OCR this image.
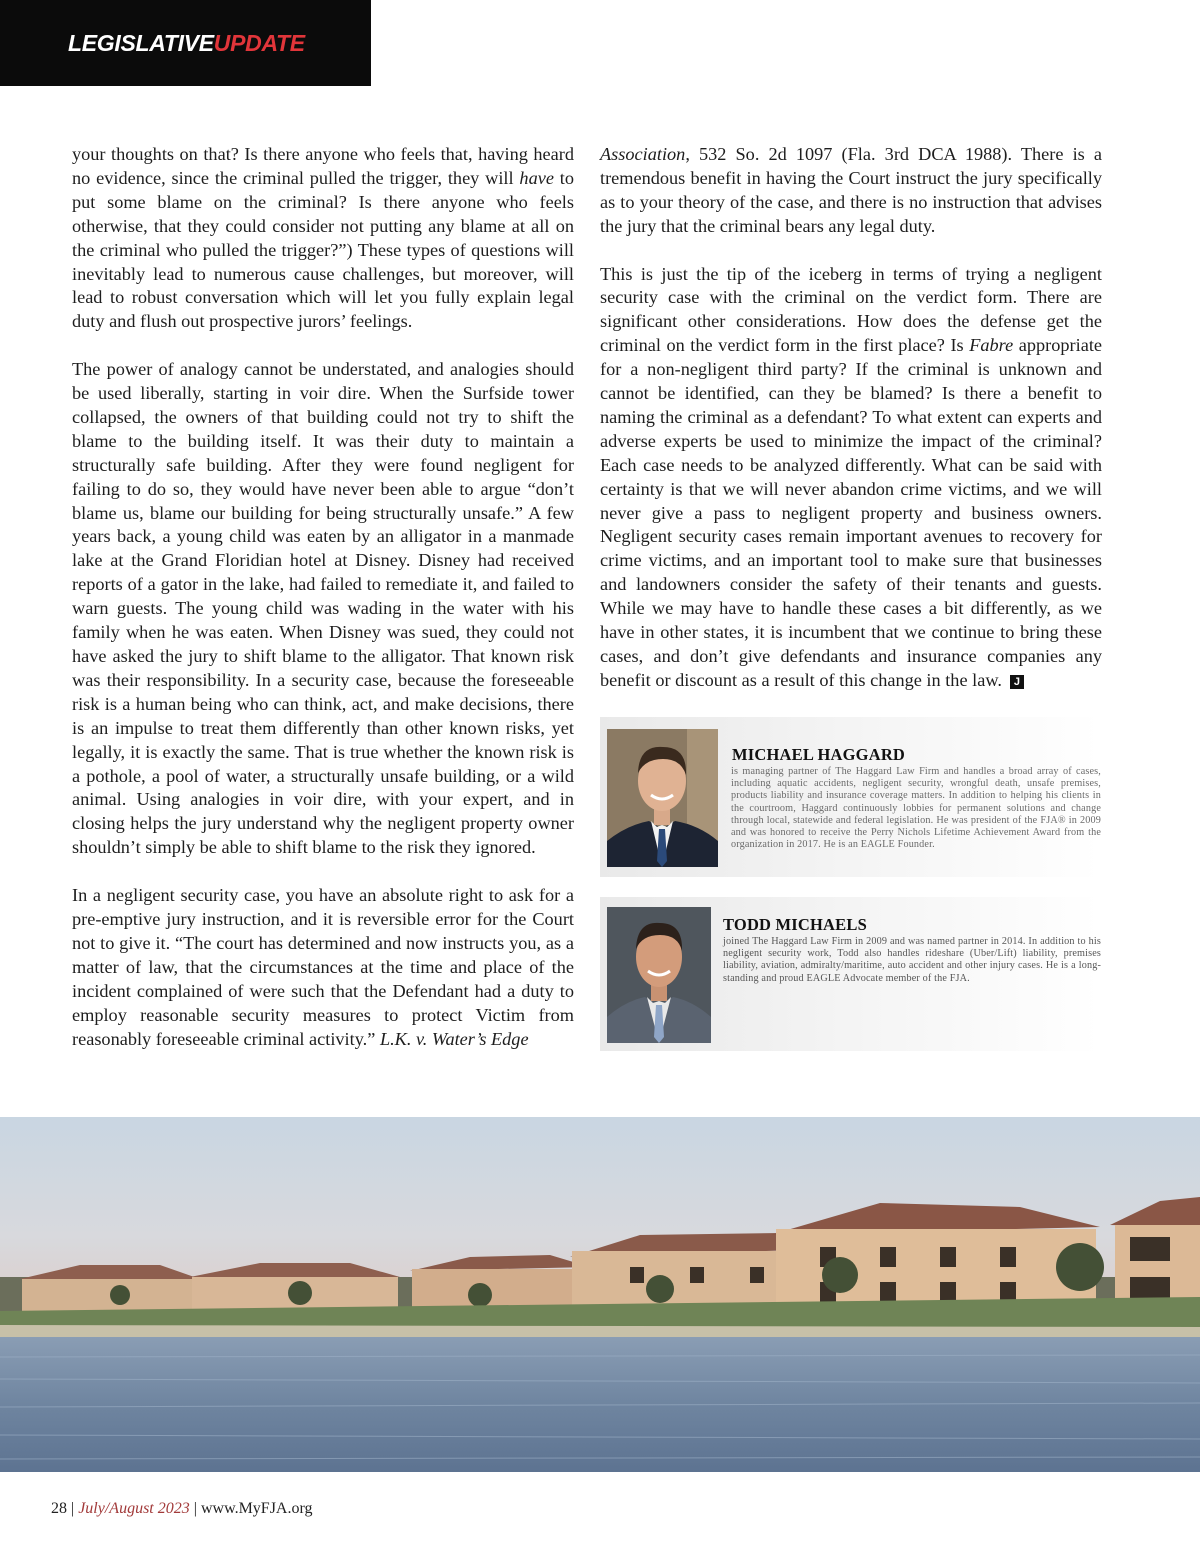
LEGISLATIVEUPDATE

your thoughts on that? Is there anyone who feels that, having heard no evidence, since the criminal pulled the trigger, they will have to put some blame on the criminal? Is there anyone who feels otherwise, that they could consider not putting any blame at all on the criminal who pulled the trigger?”) These types of questions will inevitably lead to numerous cause challenges, but moreover, will lead to robust conversation which will let you fully explain legal duty and flush out prospective jurors’ feelings.

The power of analogy cannot be understated, and analogies should be used liberally, starting in voir dire. When the Surfside tower collapsed, the owners of that building could not try to shift the blame to the building itself. It was their duty to maintain a structurally safe building. After they were found negligent for failing to do so, they would have never been able to argue “don’t blame us, blame our building for being structurally unsafe.” A few years back, a young child was eaten by an alligator in a manmade lake at the Grand Floridian hotel at Disney. Disney had received reports of a gator in the lake, had failed to remediate it, and failed to warn guests. The young child was wading in the water with his family when he was eaten. When Disney was sued, they could not have asked the jury to shift blame to the alligator. That known risk was their responsibility. In a security case, because the foreseeable risk is a human being who can think, act, and make decisions, there is an impulse to treat them differently than other known risks, yet legally, it is exactly the same. That is true whether the known risk is a pothole, a pool of water, a structurally unsafe building, or a wild animal. Using analogies in voir dire, with your expert, and in closing helps the jury understand why the negligent property owner shouldn’t simply be able to shift blame to the risk they ignored.

In a negligent security case, you have an absolute right to ask for a pre-emptive jury instruction, and it is reversible error for the Court not to give it. “The court has determined and now instructs you, as a matter of law, that the circumstances at the time and place of the incident complained of were such that the Defendant had a duty to employ reasonable security measures to protect Victim from reasonably foreseeable criminal activity.” L.K. v. Water’s Edge

Association, 532 So. 2d 1097 (Fla. 3rd DCA 1988). There is a tremendous benefit in having the Court instruct the jury specifically as to your theory of the case, and there is no instruction that advises the jury that the criminal bears any legal duty.

This is just the tip of the iceberg in terms of trying a negligent security case with the criminal on the verdict form. There are significant other considerations. How does the defense get the criminal on the verdict form in the first place? Is Fabre appropriate for a non-negligent third party? If the criminal is unknown and cannot be identified, can they be blamed? Is there a benefit to naming the criminal as a defendant? To what extent can experts and adverse experts be used to minimize the impact of the criminal? Each case needs to be analyzed differently. What can be said with certainty is that we will never abandon crime victims, and we will never give a pass to negligent property and business owners. Negligent security cases remain important avenues to recovery for crime victims, and an important tool to make sure that businesses and landowners consider the safety of their tenants and guests. While we may have to handle these cases a bit differently, as we have in other states, it is incumbent that we continue to bring these cases, and don’t give defendants and insurance companies any benefit or discount as a result of this change in the law. J

MICHAEL HAGGARD
is managing partner of The Haggard Law Firm and handles a broad array of cases, including aquatic accidents, negligent security, wrongful death, unsafe premises, products liability and insurance coverage matters. In addition to helping his clients in the courtroom, Haggard continuously lobbies for permanent solutions and change through local, statewide and federal legislation. He was president of the FJA® in 2009 and was honored to receive the Perry Nichols Lifetime Achievement Award from the organization in 2017. He is an EAGLE Founder.
TODD MICHAELS
joined The Haggard Law Firm in 2009 and was named partner in 2014. In addition to his negligent security work, Todd also handles rideshare (Uber/Lift) liability, premises liability, aviation, admiralty/maritime, auto accident and other injury cases. He is a long-standing and proud EAGLE Advocate member of the FJA.
28 | July/August 2023 | www.MyFJA.org
